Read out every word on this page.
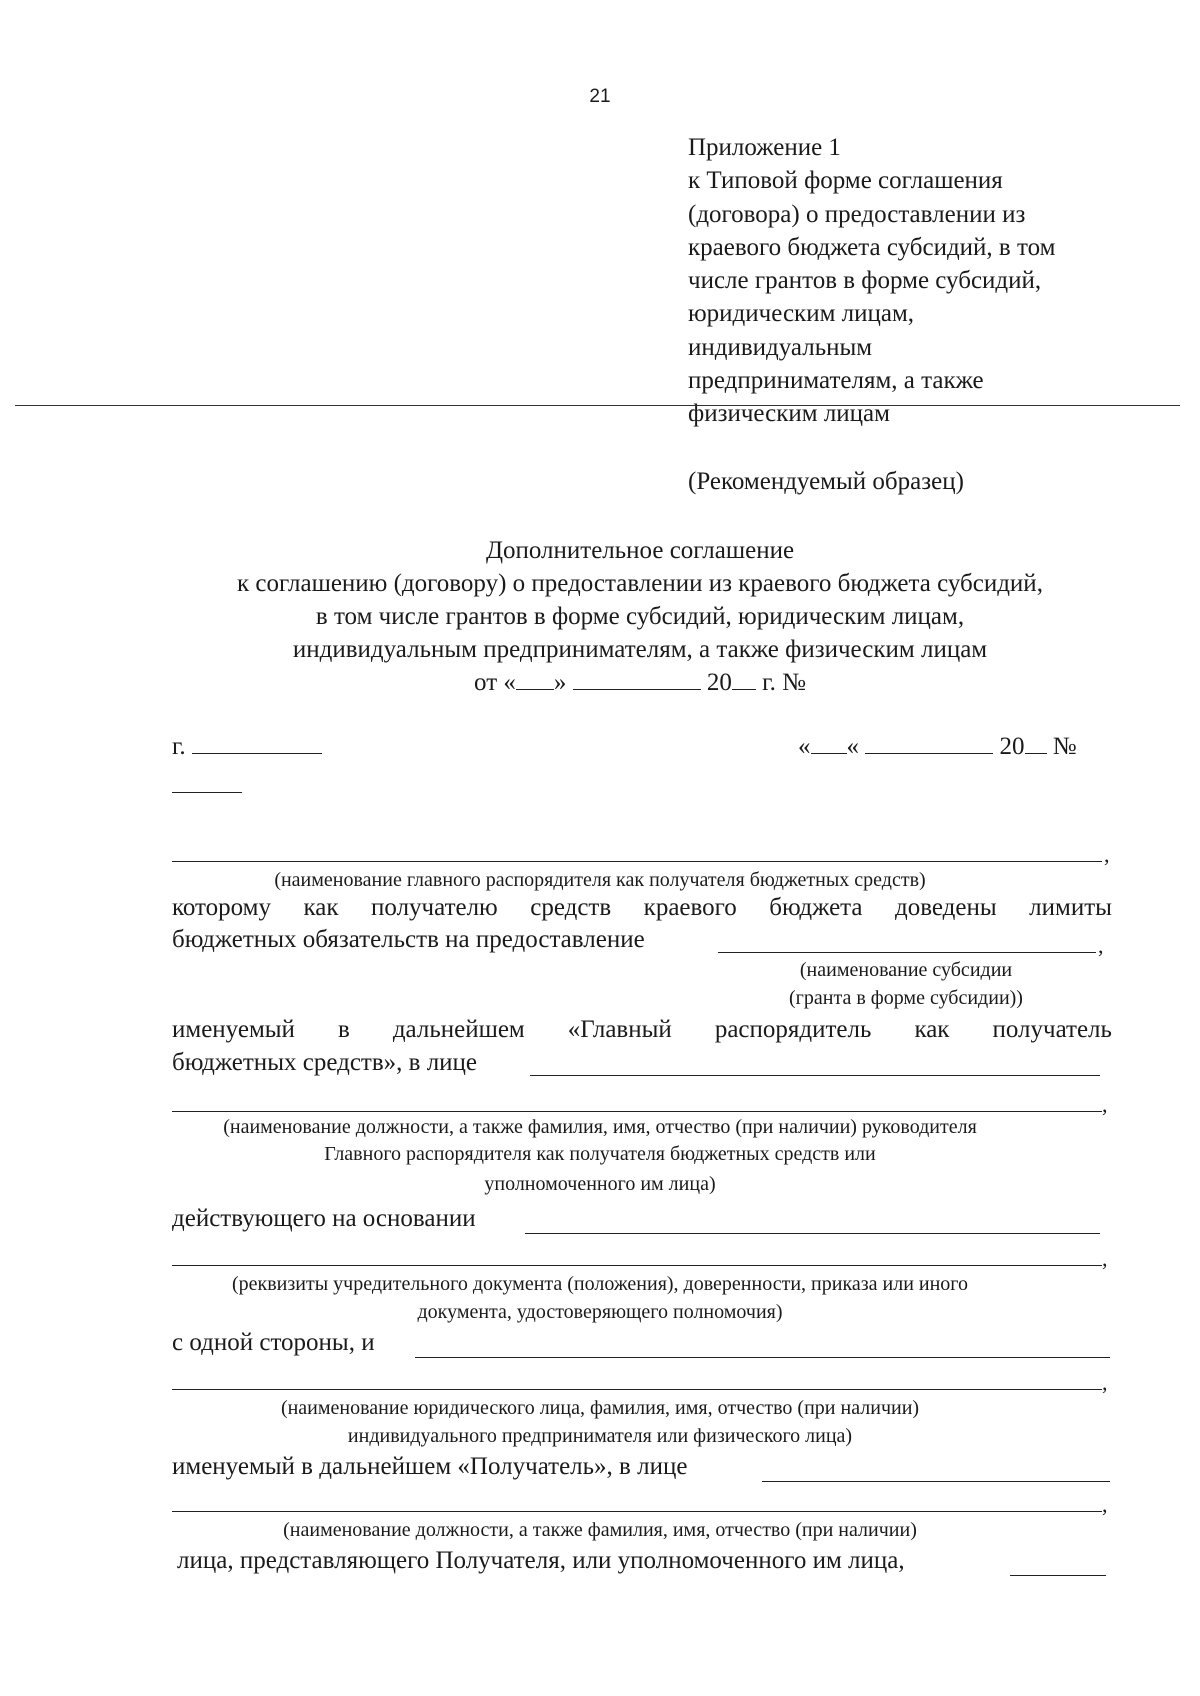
21
Приложение 1
к Типовой форме соглашения
(договора) о предоставлении из
краевого бюджета субсидий, в том
числе грантов в форме субсидий,
юридическим лицам,
индивидуальным
предпринимателям, а также
физическим лицам
(Рекомендуемый образец)
Дополнительное соглашение
к соглашению (договору) о предоставлении из краевого бюджета субсидий,
в том числе грантов в форме субсидий, юридическим лицам,
индивидуальным предпринимателям, а также физическим лицам
от « »	20 г. №
г.	« «	20 №
,
(наименование главного распорядителя как получателя бюджетных средств)
которому как получателю средств краевого бюджета доведены лимиты
бюджетных обязательств на предоставление	,
(наименование субсидии
(гранта в форме субсидии))
именуемый в дальнейшем «Главный распорядитель как получатель
бюджетных средств», в лице
,
(наименование должности, а также фамилия, имя, отчество (при наличии) руководителя
Главного распорядителя как получателя бюджетных средств или
уполномоченного им лица)
действующего на основании
,
(реквизиты учредительного документа (положения), доверенности, приказа или иного
документа, удостоверяющего полномочия)
с одной стороны, и
,
(наименование юридического лица, фамилия, имя, отчество (при наличии)
индивидуального предпринимателя или физического лица)
именуемый в дальнейшем «Получатель», в лице
,
(наименование должности, а также фамилия, имя, отчество (при наличии)
лица, представляющего Получателя, или уполномоченного им лица,
